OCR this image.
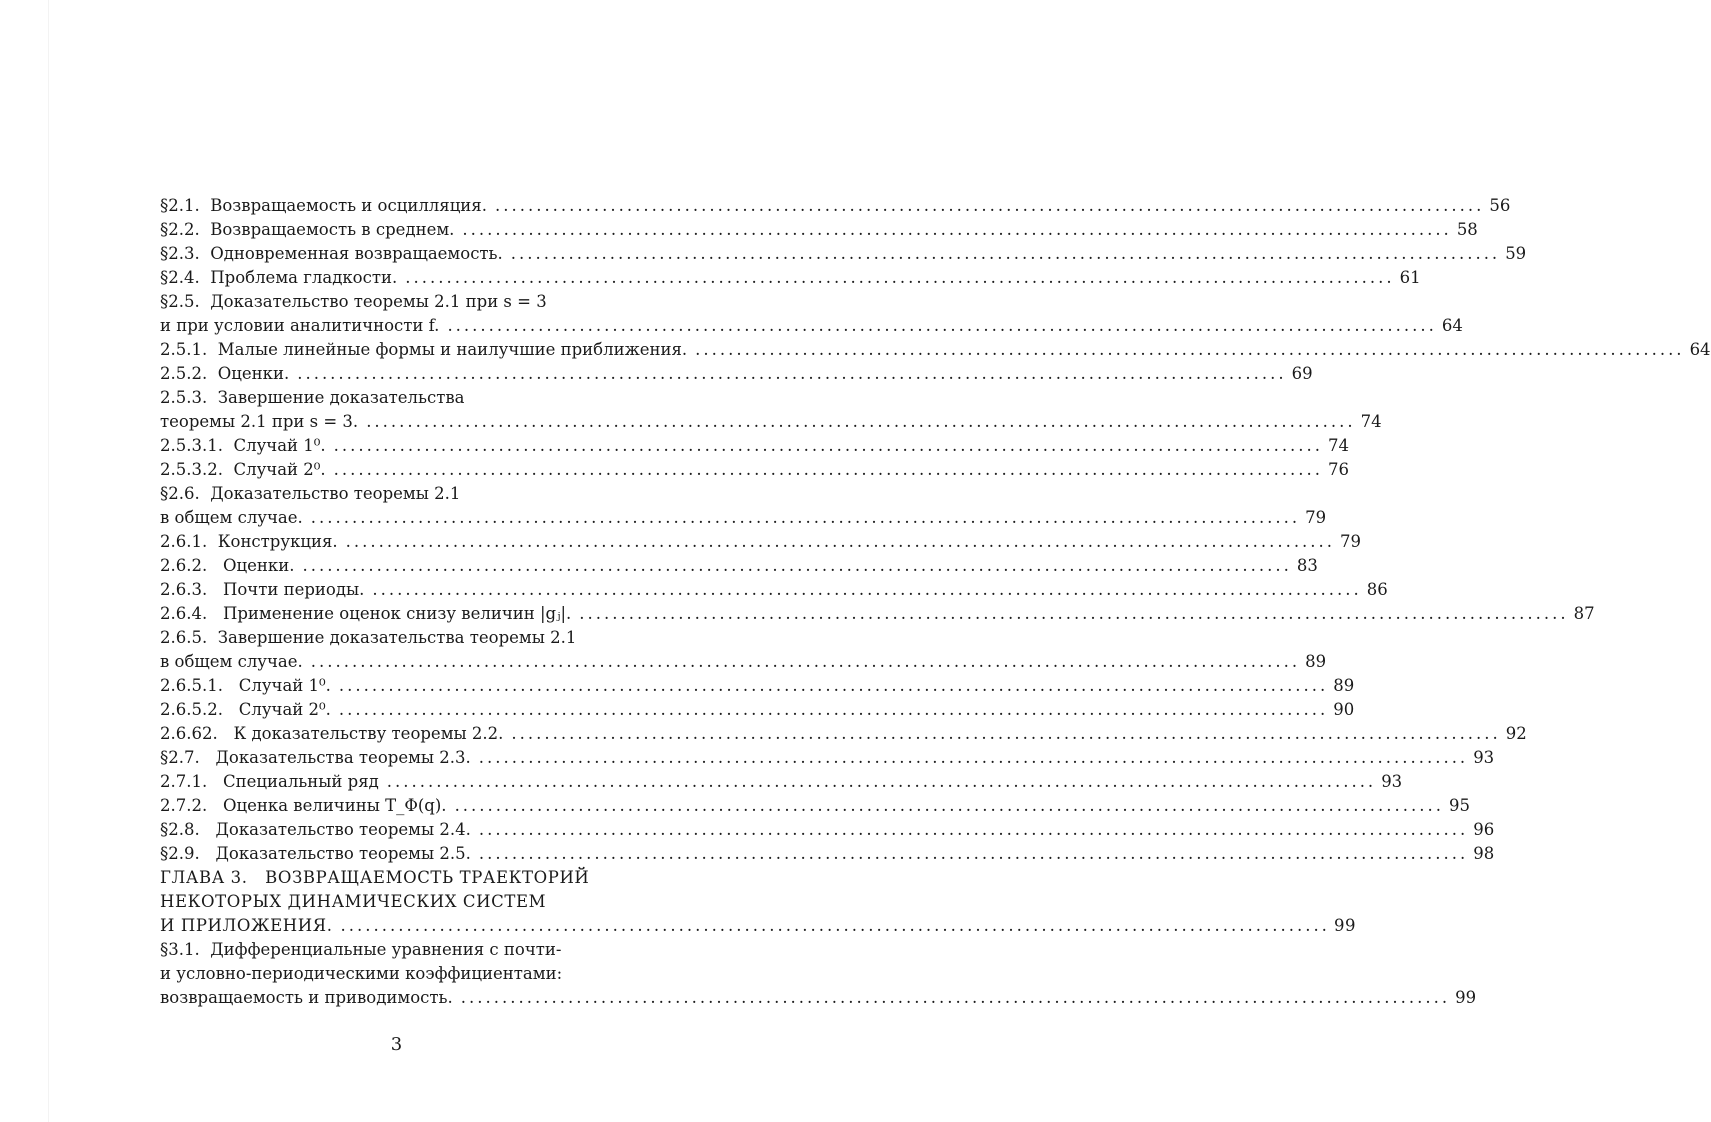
§2.1.
Возвращаемость и осцилляция. ........................................................................................................................ 56
§2.2.
Возвращаемость в среднем. ........................................................................................................................ 58
§2.3.
Одновременная возвращаемость. ........................................................................................................................ 59
§2.4.
Проблема гладкости. ........................................................................................................................ 61
§2.5.
Доказательство теоремы 2.1 при s = 3
и при условии аналитичности f. ........................................................................................................................ 64
2.5.1.
Малые линейные формы и наилучшие приближения. ........................................................................................................................ 64
2.5.2.
Оценки. ........................................................................................................................ 69
2.5.3.
Завершение доказательства
теоремы 2.1 при s = 3. ........................................................................................................................ 74
2.5.3.1.
Случай 1⁰. ........................................................................................................................ 74
2.5.3.2.
Случай 2⁰. ........................................................................................................................ 76
§2.6.
Доказательство теоремы 2.1
в общем случае. ........................................................................................................................ 79
2.6.1.
Конструкция. ........................................................................................................................ 79
2.6.2.
Оценки. ........................................................................................................................ 83
2.6.3.
Почти периоды. ........................................................................................................................ 86
2.6.4.
Применение оценок снизу величин |gⱼ|. ........................................................................................................................ 87
2.6.5.
Завершение доказательства теоремы 2.1
в общем случае. ........................................................................................................................ 89
2.6.5.1.
Случай 1⁰. ........................................................................................................................ 89
2.6.5.2.
Случай 2⁰. ........................................................................................................................ 90
2.6.62.
К доказательству теоремы 2.2. ........................................................................................................................ 92
§2.7.
Доказательства теоремы 2.3. ........................................................................................................................ 93
2.7.1.
Специальный ряд ........................................................................................................................ 93
2.7.2.
Оценка величины T_Φ(q). ........................................................................................................................ 95
§2.8.
Доказательство теоремы 2.4. ........................................................................................................................ 96
§2.9.
Доказательство теоремы 2.5. ........................................................................................................................ 98
ГЛАВА 3.
ВОЗВРАЩАЕМОСТЬ ТРАЕКТОРИЙ
НЕКОТОРЫХ ДИНАМИЧЕСКИХ СИСТЕМ
И ПРИЛОЖЕНИЯ. ........................................................................................................................ 99
§3.1.
Дифференциальные уравнения с почти-
и условно-периодическими коэффициентами:
возвращаемость и приводимость. ........................................................................................................................ 99
3
